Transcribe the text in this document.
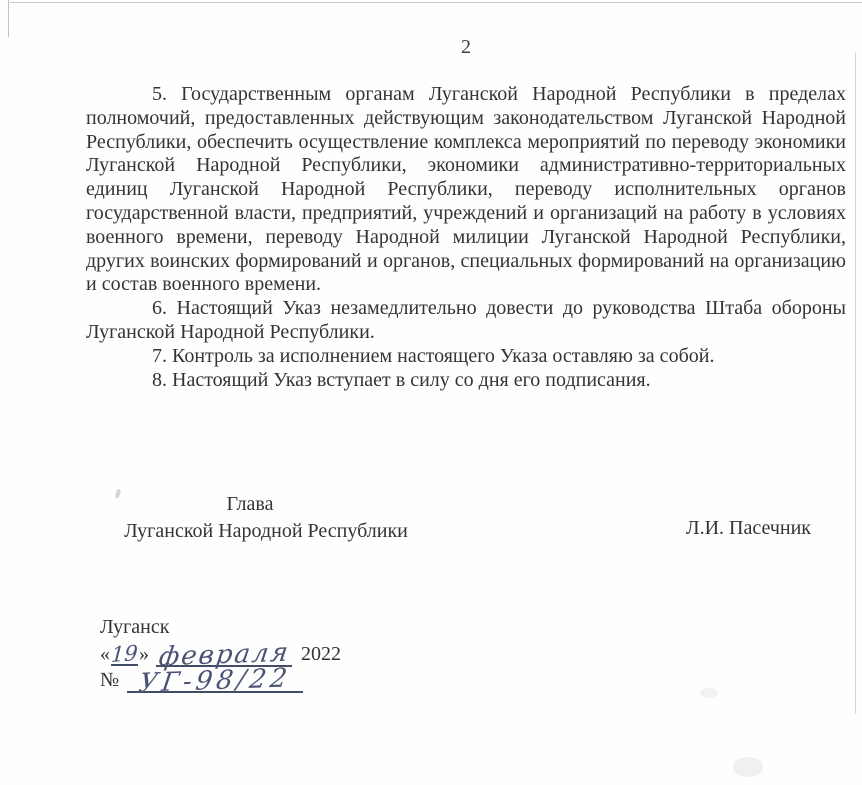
2

5. Государственным органам Луганской Народной Республики в пределах полномочий, предоставленных действующим законодательством Луганской Народной Республики, обеспечить осуществление комплекса мероприятий по переводу экономики Луганской Народной Республики, экономики административно-территориальных единиц Луганской Народной Республики, переводу исполнительных органов государственной власти, предприятий, учреждений и организаций на работу в условиях военного времени, переводу Народной милиции Луганской Народной Республики, других воинских формирований и органов, специальных формирований на организацию и состав военного времени.

6. Настоящий Указ незамедлительно довести до руководства Штаба обороны Луганской Народной Республики.

7. Контроль за исполнением настоящего Указа оставляю за собой.

8. Настоящий Указ вступает в силу со дня его подписания.

Глава
Луганской Народной Республики	Л.И. Пасечник
Луганск
« 19 » февраля 2022
№ УГ-98/22
